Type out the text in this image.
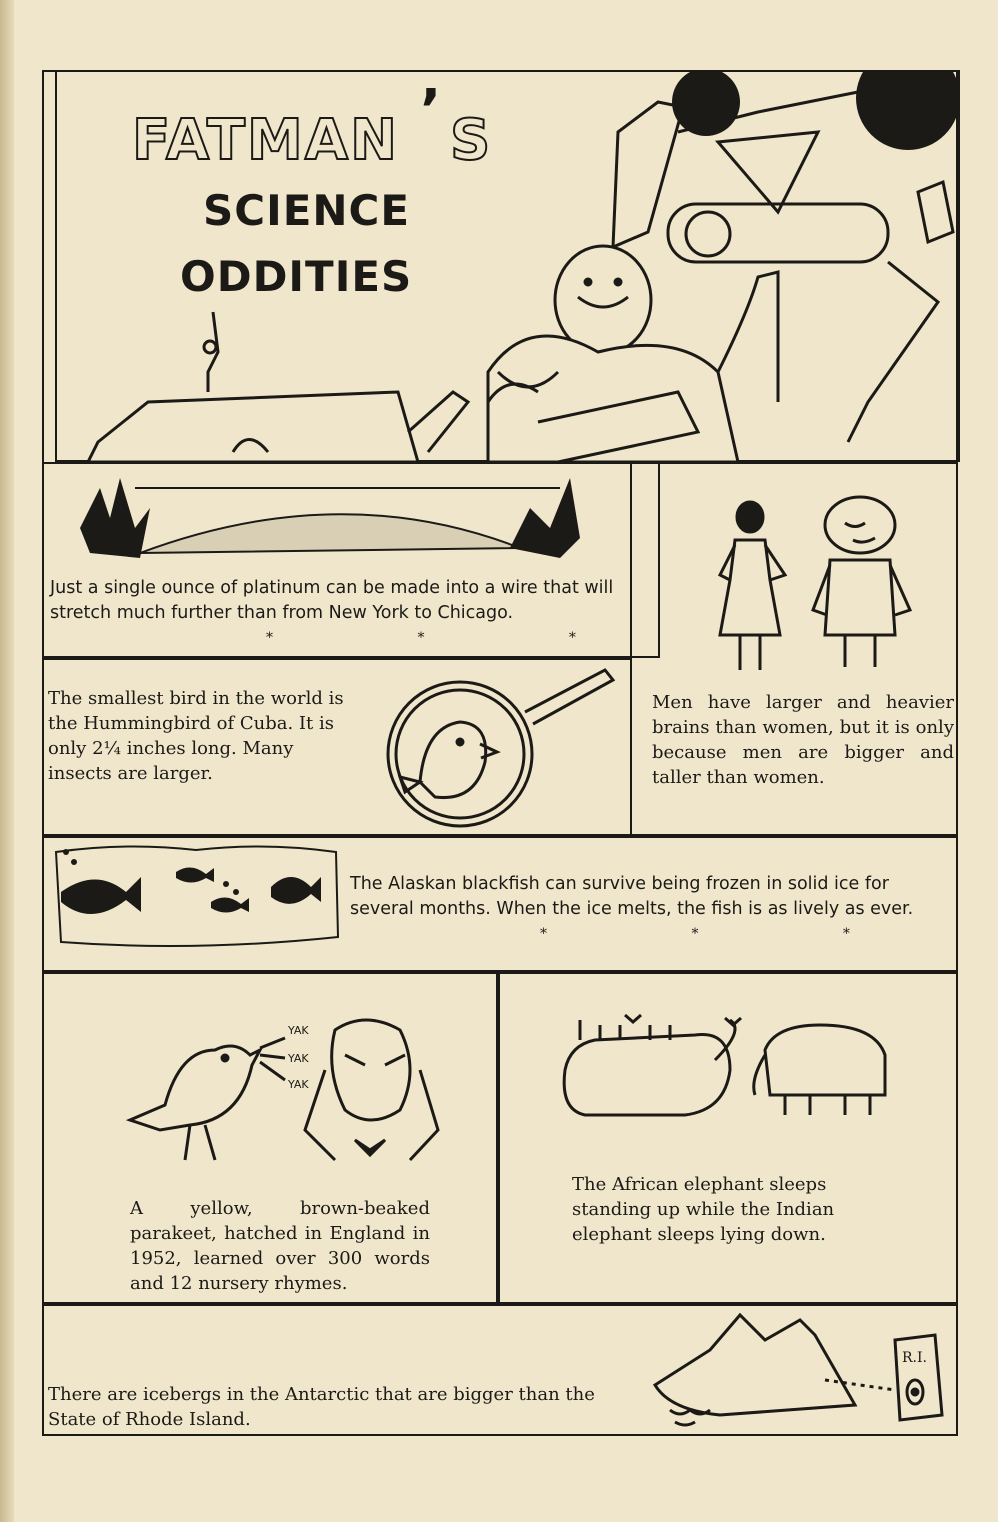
FATMAN ’ S
SCIENCE
ODDITIES
Just a single ounce of platinum can be made into a wire that will stretch much further than from New York to Chicago.
* * *
Men have larger and heavier brains than women, but it is only because men are bigger and taller than women.
The smallest bird in the world is the Hummingbird of Cuba. It is only 2¼ inches long. Many insects are larger.
The Alaskan blackfish can survive being frozen in solid ice for several months. When the ice melts, the fish is as lively as ever.
* * *
YAK
YAK
YAK
A yellow, brown-beaked parakeet, hatched in England in 1952, learned over 300 words and 12 nursery rhymes.
The African elephant sleeps standing up while the Indian elephant sleeps lying down.
There are icebergs in the Antarctic that are bigger than the State of Rhode Island.
R.I.
